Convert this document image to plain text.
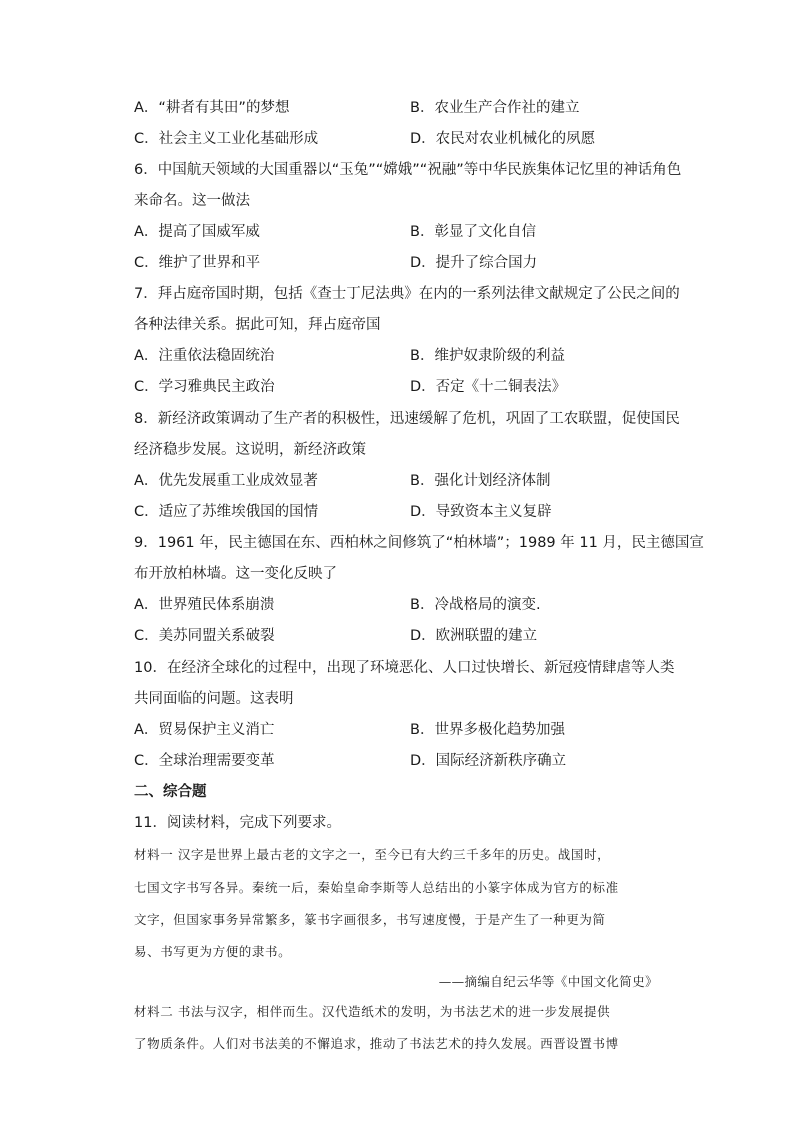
A．“耕者有其田”的梦想	B．农业生产合作社的建立
C．社会主义工业化基础形成	D．农民对农业机械化的夙愿
6．中国航天领域的大国重器以“玉兔”“嫦娥”“祝融”等中华民族集体记忆里的神话角色
来命名。这一做法
A．提高了国威军威	B．彰显了文化自信
C．维护了世界和平	D．提升了综合国力
7．拜占庭帝国时期，包括《查士丁尼法典》在内的一系列法律文献规定了公民之间的
各种法律关系。据此可知，拜占庭帝国
A．注重依法稳固统治	B．维护奴隶阶级的利益
C．学习雅典民主政治	D．否定《十二铜表法》
8．新经济政策调动了生产者的积极性，迅速缓解了危机，巩固了工农联盟，促使国民
经济稳步发展。这说明，新经济政策
A．优先发展重工业成效显著	B．强化计划经济体制
C．适应了苏维埃俄国的国情	D．导致资本主义复辟
9．1961 年，民主德国在东、西柏林之间修筑了“柏林墙”；1989 年 11 月，民主德国宣
布开放柏林墙。这一变化反映了
A．世界殖民体系崩溃	B．冷战格局的演变.
C．美苏同盟关系破裂	D．欧洲联盟的建立
10．在经济全球化的过程中，出现了环境恶化、人口过快增长、新冠疫情肆虐等人类
共同面临的问题。这表明
A．贸易保护主义消亡	B．世界多极化趋势加强
C．全球治理需要变革	D．国际经济新秩序确立
二、综合题
11．阅读材料，完成下列要求。
材料一 汉字是世界上最古老的文字之一，至今已有大约三千多年的历史。战国时，
七国文字书写各异。秦统一后，秦始皇命李斯等人总结出的小篆字体成为官方的标准
文字，但国家事务异常繁多，篆书字画很多，书写速度慢，于是产生了一种更为简
易、书写更为方便的隶书。
——摘编自纪云华等《中国文化简史》
材料二 书法与汉字，相伴而生。汉代造纸术的发明，为书法艺术的进一步发展提供
了物质条件。人们对书法美的不懈追求，推动了书法艺术的持久发展。西晋设置书博
